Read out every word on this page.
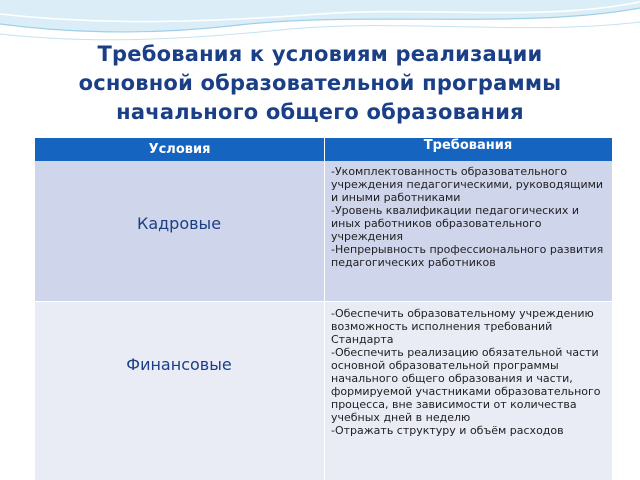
Требования к условиям реализации
основной образовательной программы
начального общего образования
Условия	Требования
Кадровые
-Укомплектованность образовательного учреждения педагогическими, руководящими и иными работниками
-Уровень квалификации педагогических и иных работников образовательного учреждения
-Непрерывность профессионального развития педагогических работников
Финансовые
-Обеспечить образовательному учреждению возможность исполнения требований Стандарта
-Обеспечить реализацию обязательной части основной образовательной программы начального общего образования и части, формируемой участниками образовательного процесса, вне зависимости от количества учебных дней в неделю
-Отражать структуру и объём расходов
